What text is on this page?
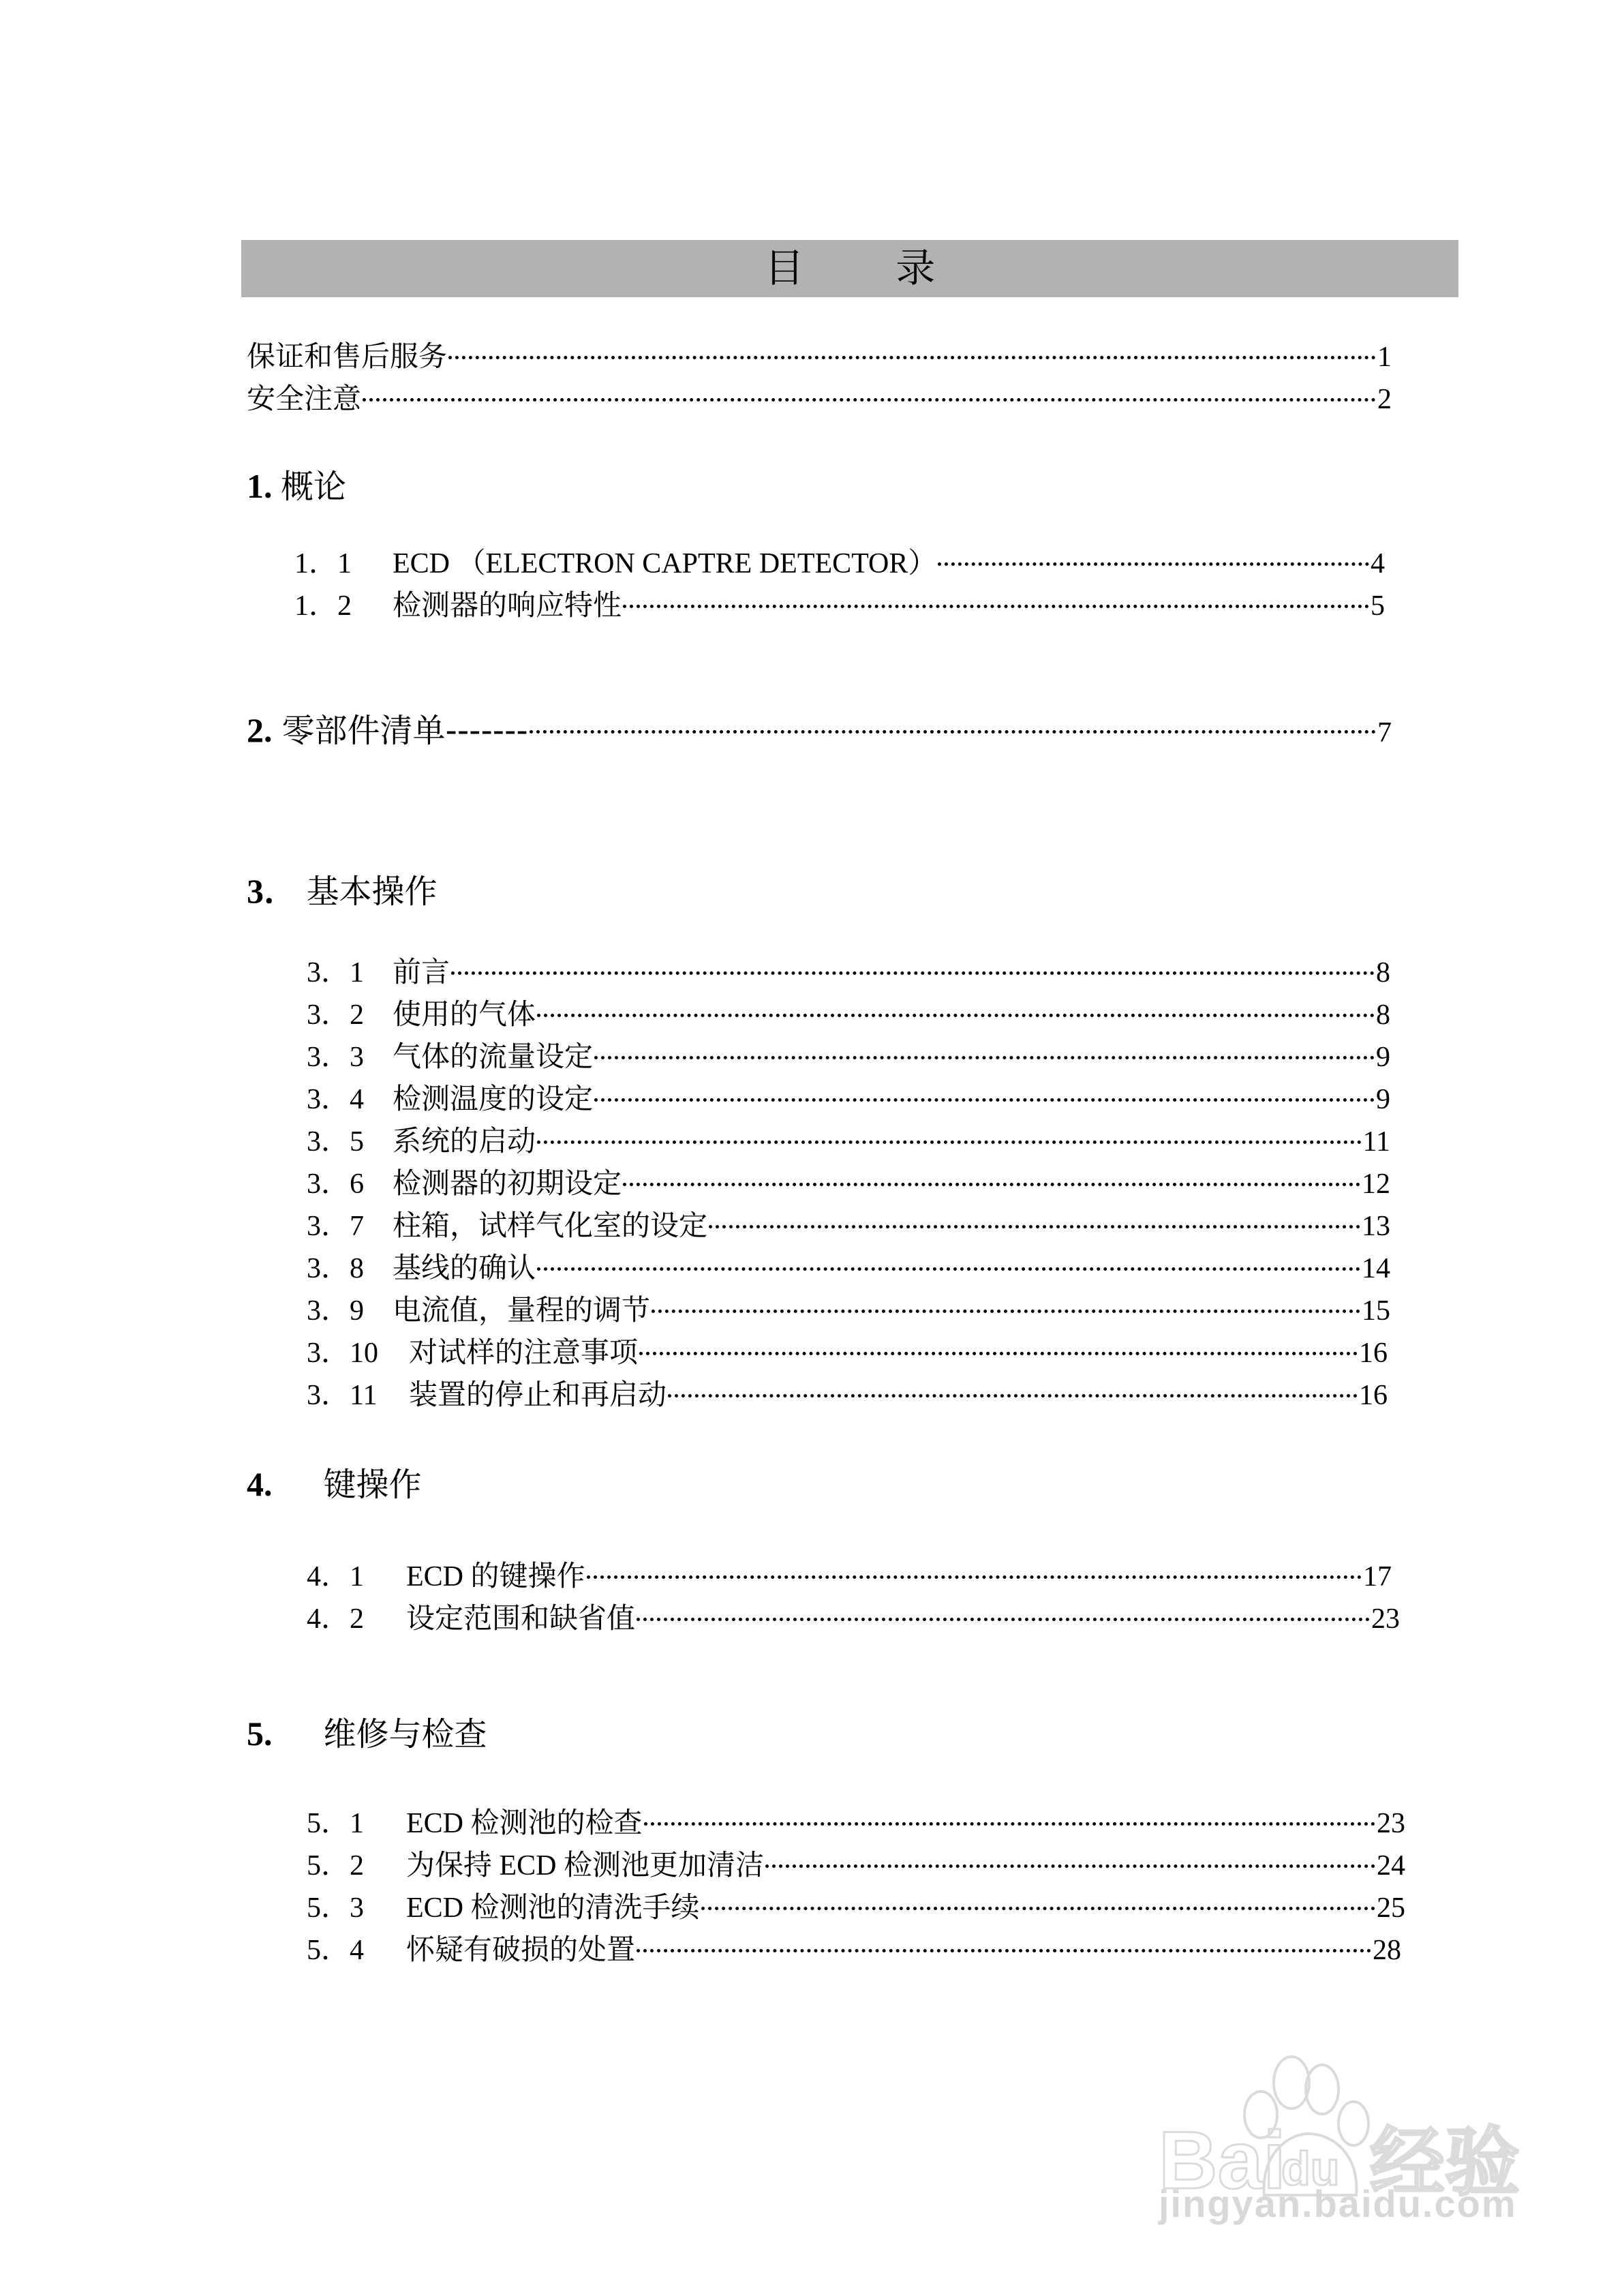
目 录
保证和售后服务	1
安全注意	2
1. 概论
1．1	ECD （ELECTRON CAPTRE DETECTOR）	4
1．2	检测器的响应特性	5
2. 零部件清单-------	7
3． 基本操作
3．1 前言	8
3．2 使用的气体	8
3．3 气体的流量设定	9
3．4 检测温度的设定	9
3．5 系统的启动	11
3．6 检测器的初期设定	12
3．7 柱箱，试样气化室的设定	13
3．8 基线的确认	14
3．9 电流值，量程的调节	15
3．10	对试样的注意事项	16
3．11	装置的停止和再启动	16
4. 键操作
4．1	ECD 的键操作	17
4．2	设定范围和缺省值	23
5. 维修与检查
5．1	ECD 检测池的检查	23
5．2	为保持 ECD 检测池更加清洁	24
5．3	ECD 检测池的清洗手续	25
5．4	怀疑有破损的处置	28
Bai
du 经验
jingyan.baidu.com
